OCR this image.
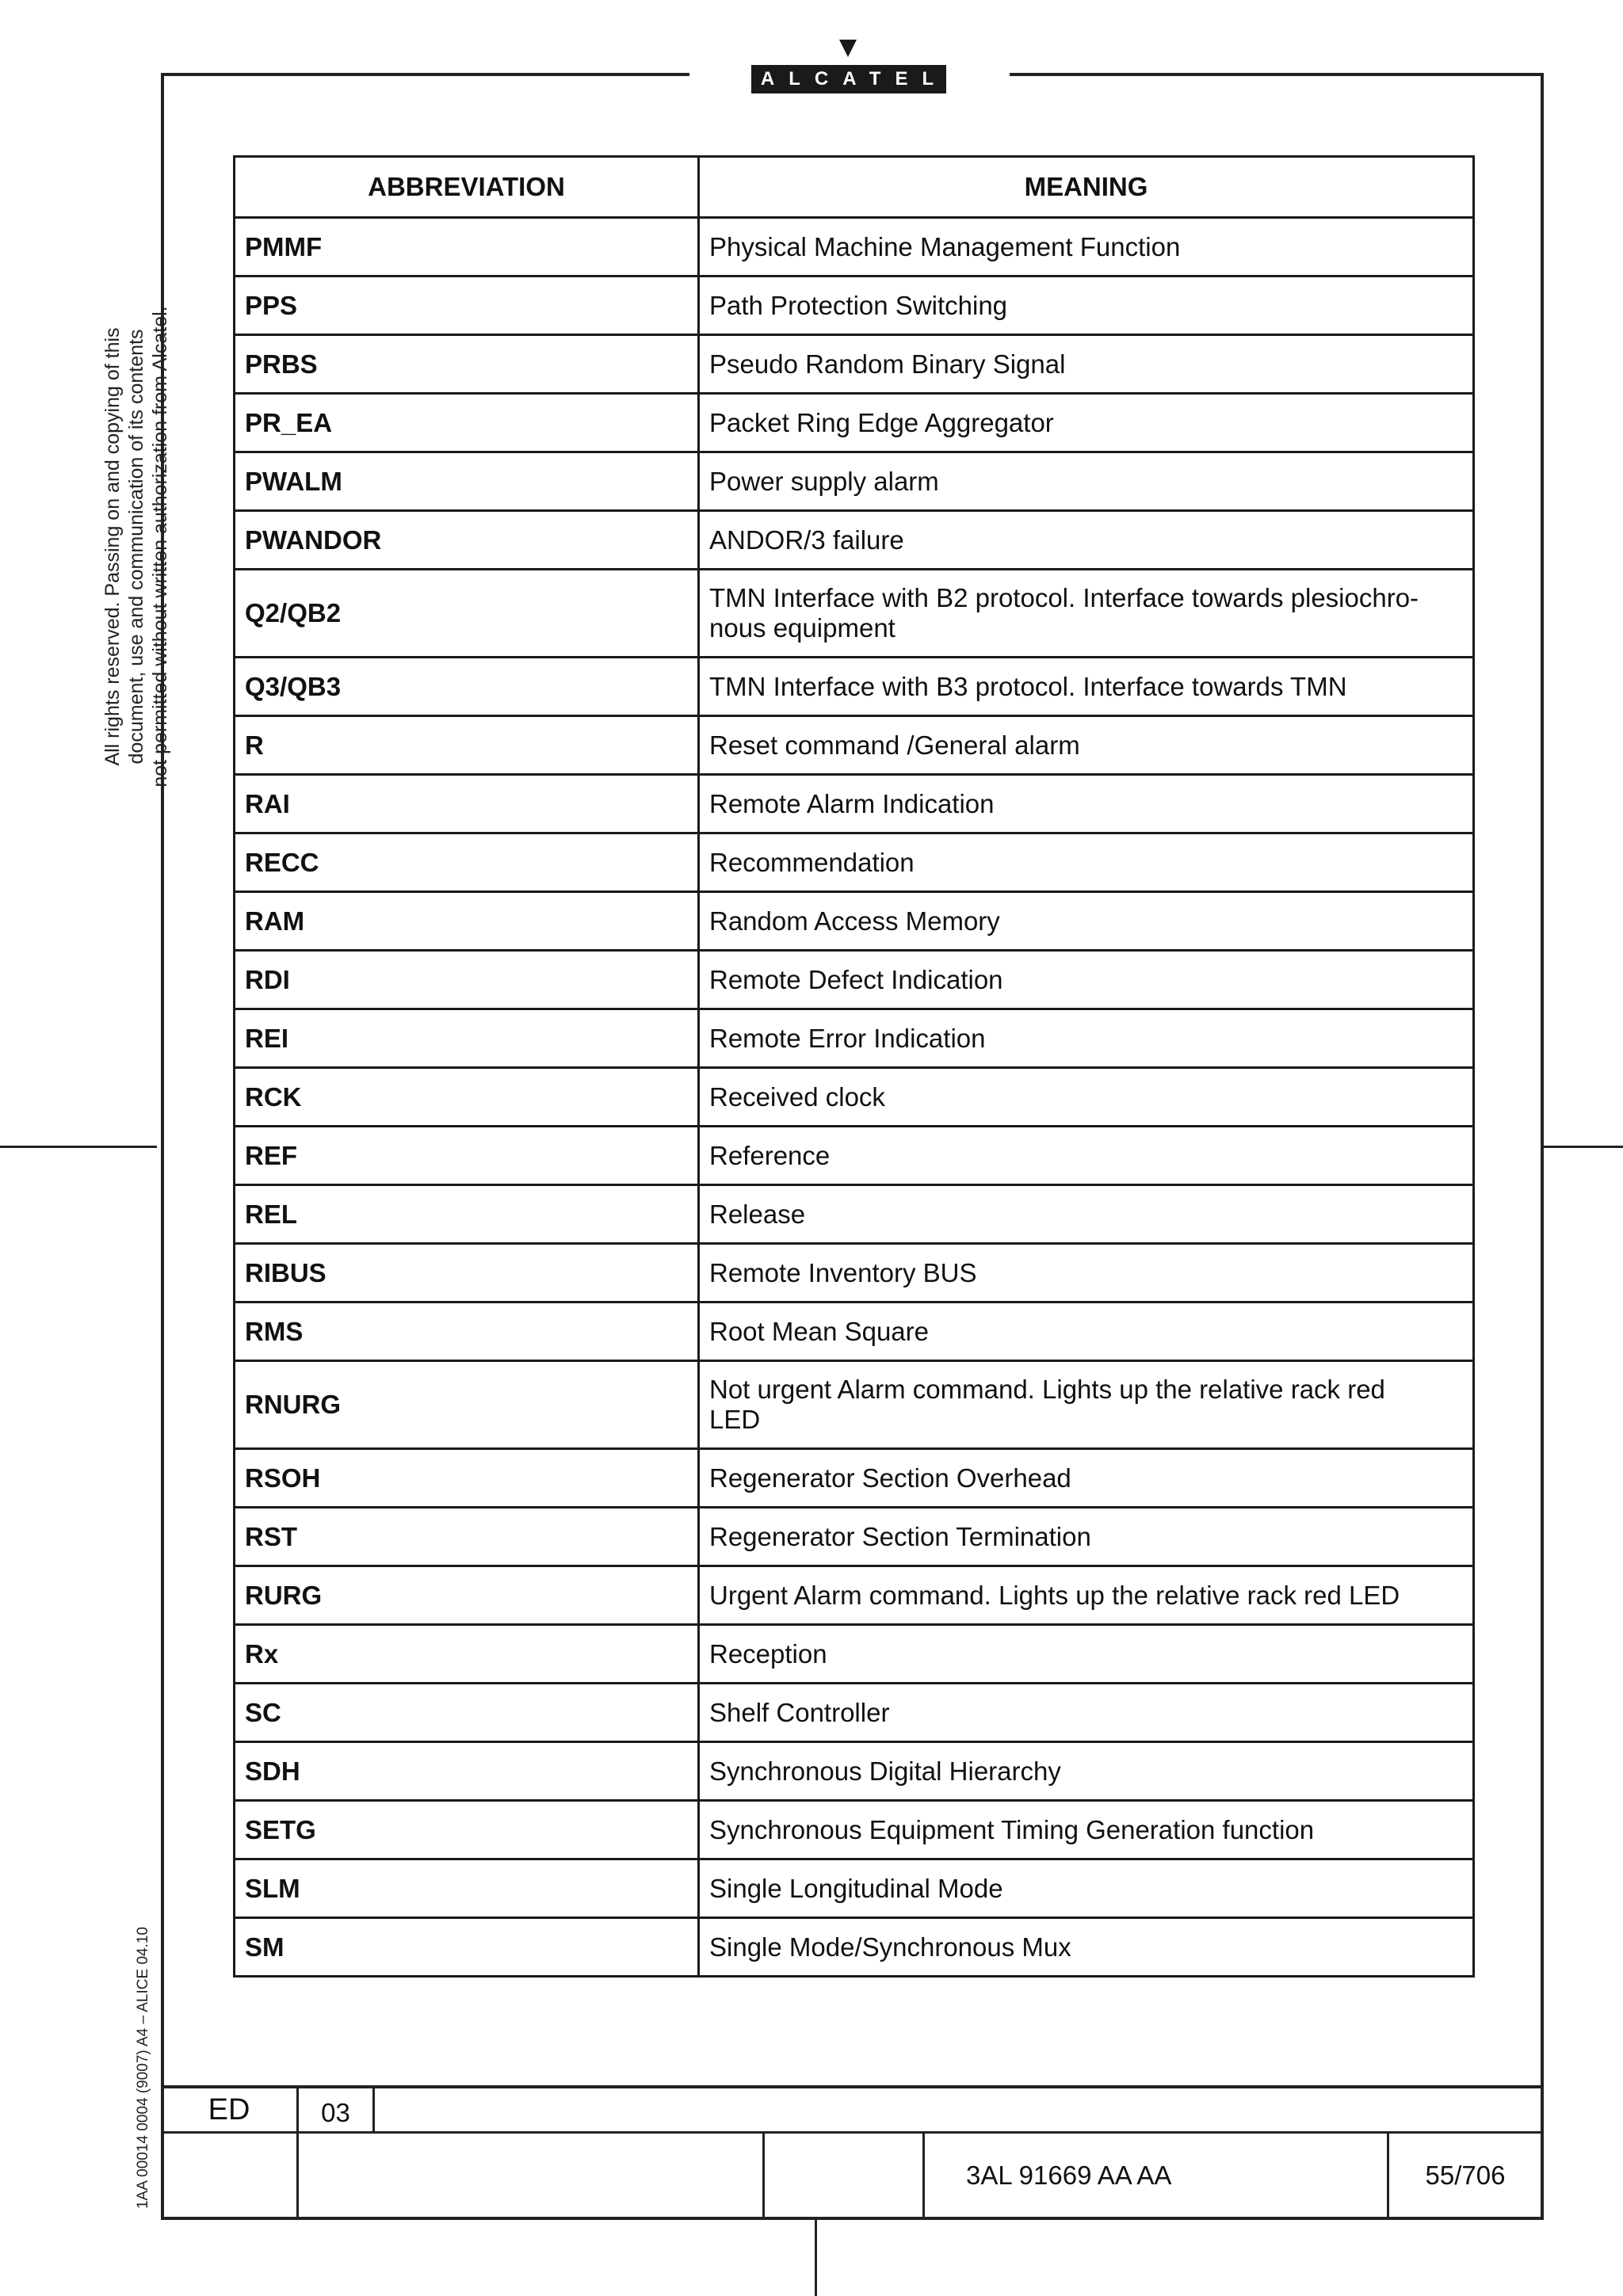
ALCATEL
All rights reserved. Passing on and copying of this document, use and communication of its contents not permitted without written authorization from Alcatel.
1AA 00014 0004 (9007) A4 – ALICE 04.10
ABBREVIATION	MEANING
PMMF	Physical Machine Management Function
PPS	Path Protection Switching
PRBS	Pseudo Random Binary Signal
PR_EA	Packet Ring Edge Aggregator
PWALM	Power supply alarm
PWANDOR	ANDOR/3 failure
Q2/QB2	TMN Interface with B2 protocol. Interface towards plesiochro-
nous equipment
Q3/QB3	TMN Interface with B3 protocol. Interface towards TMN
R	Reset command /General alarm
RAI	Remote Alarm Indication
RECC	Recommendation
RAM	Random Access Memory
RDI	Remote Defect Indication
REI	Remote Error Indication
RCK	Received clock
REF	Reference
REL	Release
RIBUS	Remote Inventory BUS
RMS	Root Mean Square
RNURG	Not urgent Alarm command. Lights up the relative rack red
LED
RSOH	Regenerator Section Overhead
RST	Regenerator Section Termination
RURG	Urgent Alarm command. Lights up the relative rack red LED
Rx	Reception
SC	Shelf Controller
SDH	Synchronous Digital Hierarchy
SETG	Synchronous Equipment Timing Generation function
SLM	Single Longitudinal Mode
SM	Single Mode/Synchronous Mux
ED	03
3AL 91669 AA AA	55/706
